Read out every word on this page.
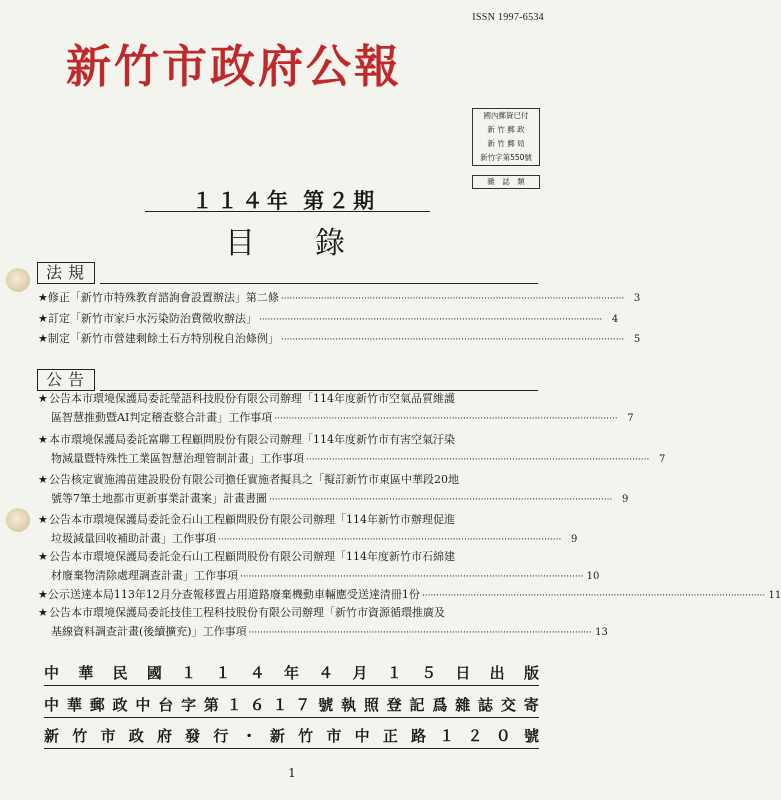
ISSN 1997-6534
新竹市政府公報
國內郵資已付
新 竹 郵 政
新 竹 郵 局
新竹字第550號
雜　誌　類
１１４年 第２期
目錄
法規
★ 修正「新竹市特殊教育諮詢會設置辦法」第二條 ························································································································ 3
★ 訂定「新竹市家戶水污染防治費徵收辦法」 ························································································································ 4
★ 制定「新竹市營建剩餘土石方特別稅自治條例」 ························································································································ 5
公告
★ 公告本市環境保護局委託瑩語科技股份有限公司辦理「114年度新竹市空氣品質維護
區智慧推動暨AI判定稽查整合計畫」工作事項 ························································································································ 7
★ 本市環境保護局委託富聯工程顧問股份有限公司辦理「114年度新竹市有害空氣汙染
物減量暨特殊性工業區智慧治理管制計畫」工作事項 ························································································································ 7
★ 公告核定實施鴻苗建設股份有限公司擔任實施者擬具之「擬訂新竹市東區中華段20地
號等7筆土地都市更新事業計畫案」計畫書圖 ························································································································ 9
★ 公告本市環境保護局委託金石山工程顧問股份有限公司辦理「114年新竹市辦理促進
垃圾減量回收補助計畫」工作事項 ························································································································ 9
★ 公告本市環境保護局委託金石山工程顧問股份有限公司辦理「114年度新竹市石綿建
材廢棄物清除處理調查計畫」工作事項 ························································································································ 10
★ 公示送達本局113年12月分查報移置占用道路廢棄機動車輛應受送達清冊1份 ························································································································ 11
★ 公告本市環境保護局委託技佳工程科技股份有限公司辦理「新竹市資源循環推廣及
基線資料調查計畫(後續擴充)」工作事項 ························································································································ 13
中 華 民 國 １ １ ４ 年 ４ 月 １ ５ 日 出 版
中 華 郵 政 中 台 字 第 １ ６ １ ７ 號 執 照 登 記 爲 雜 誌 交 寄
新 竹 市 政 府 發 行 ・ 新 竹 市 中 正 路 １ ２ ０ 號
1
